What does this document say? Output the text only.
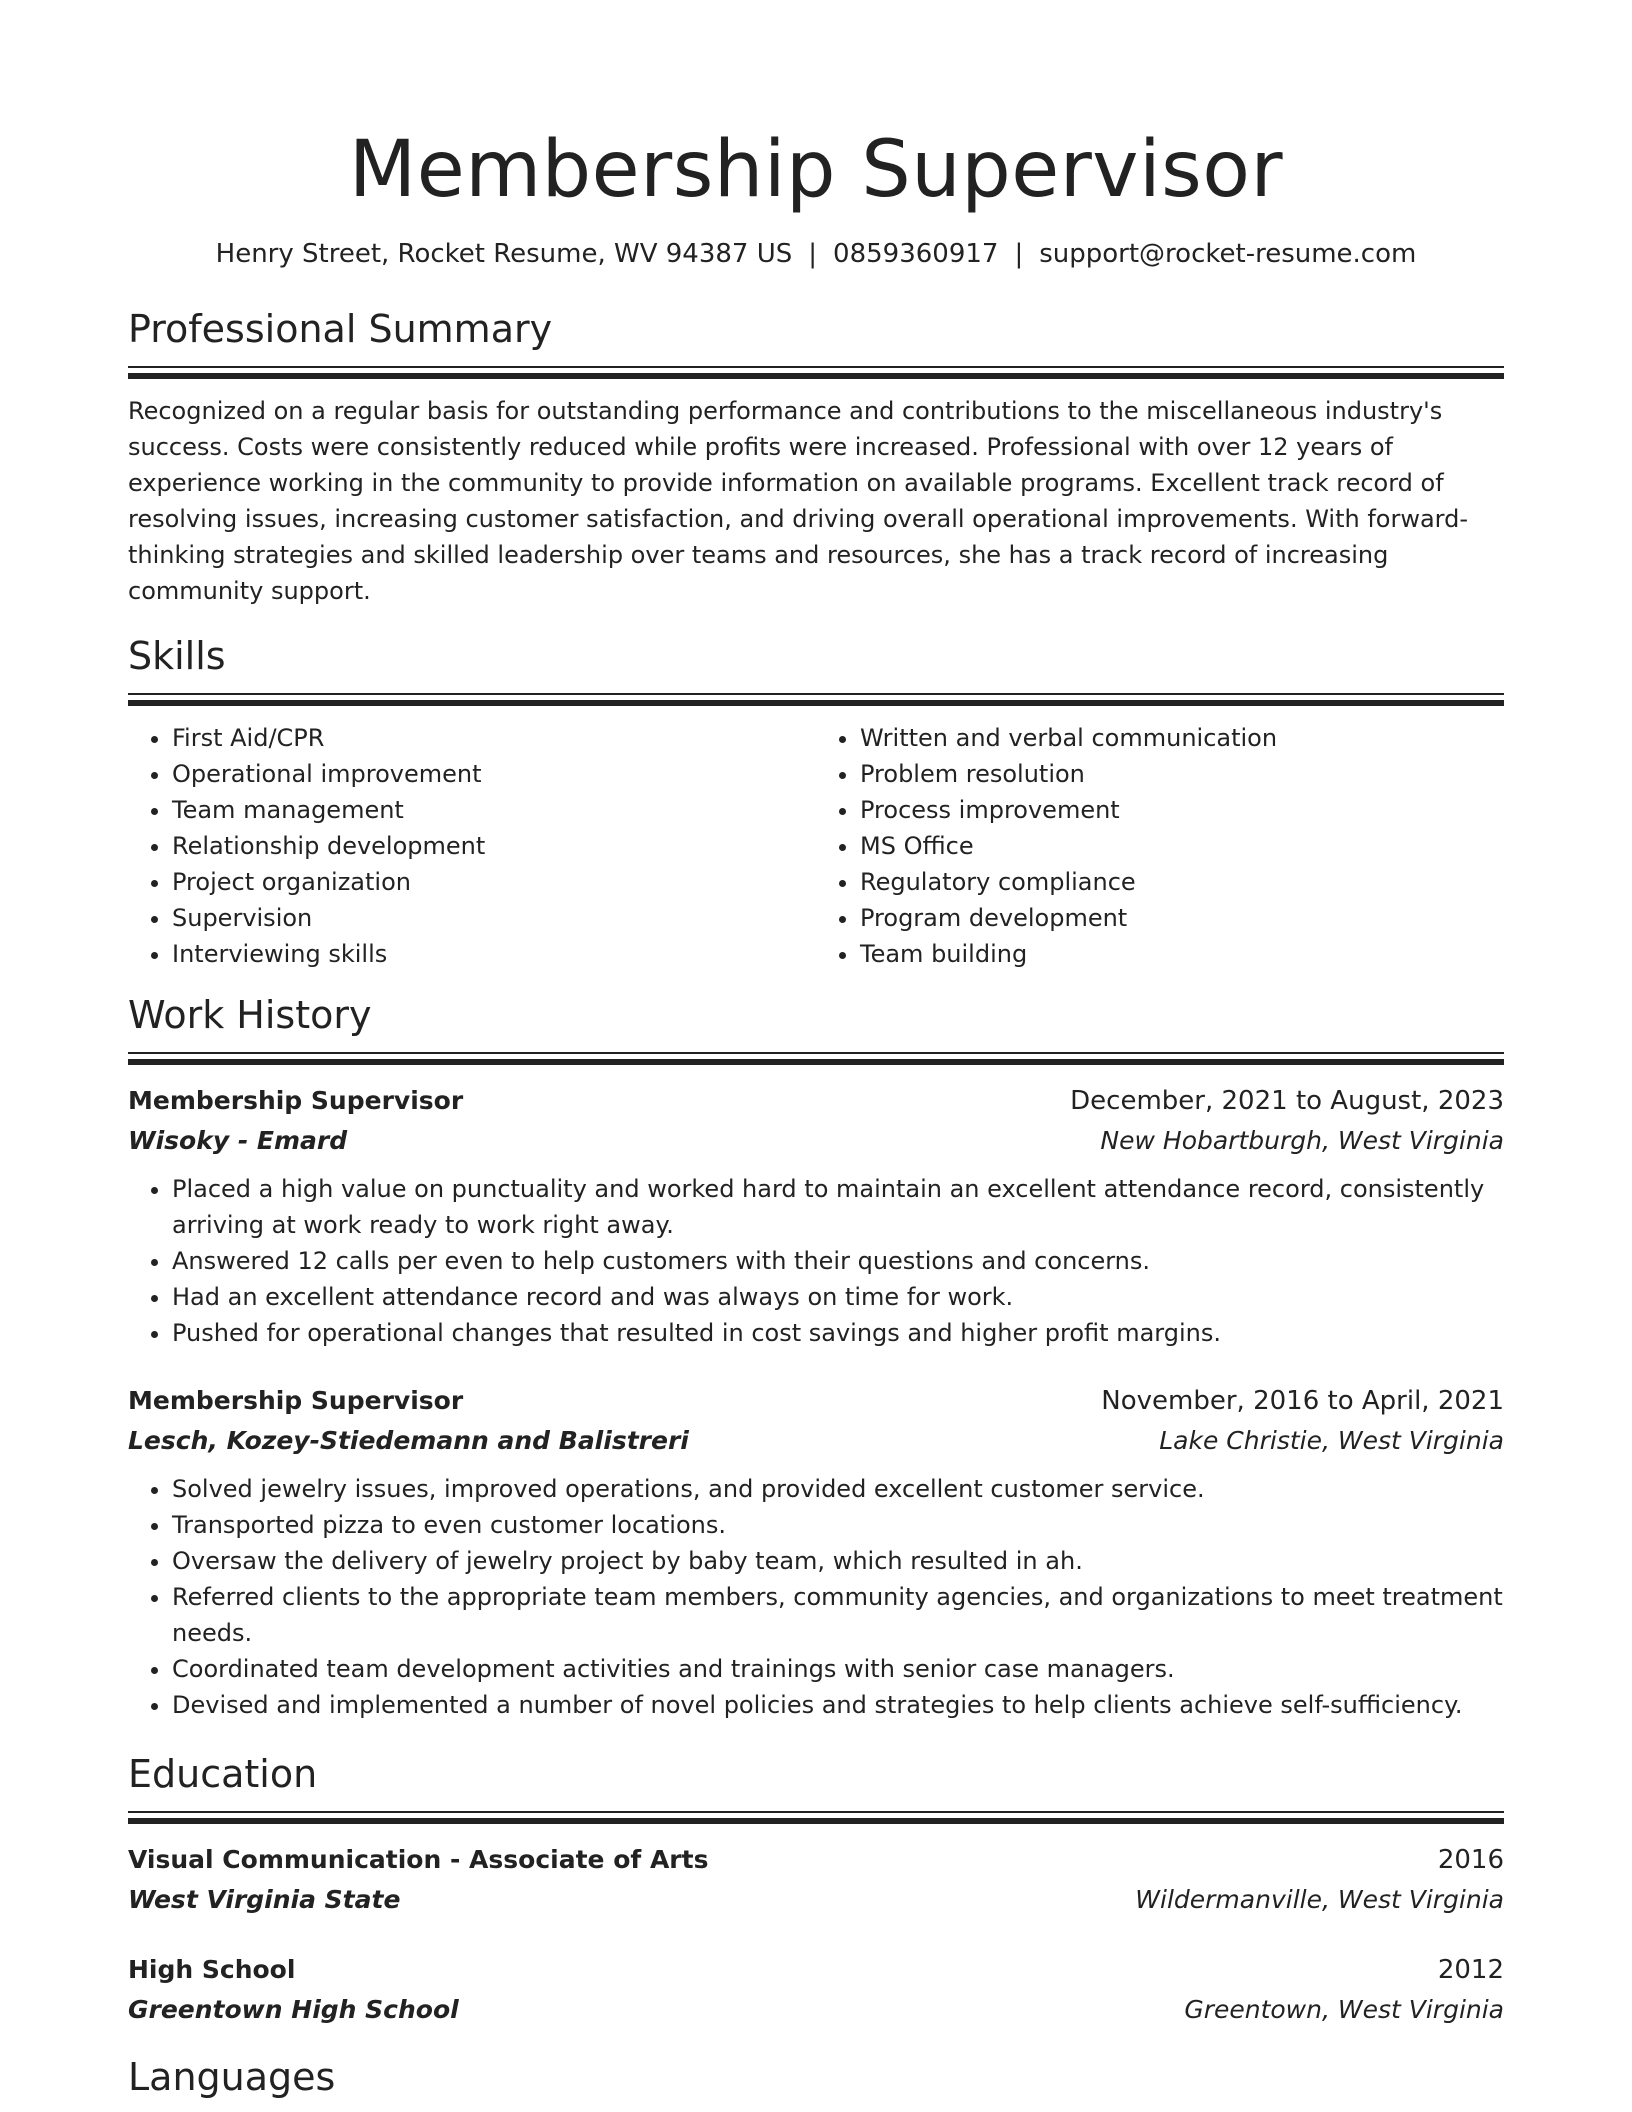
Membership Supervisor
Henry Street, Rocket Resume, WV 94387 US | 0859360917 | support@rocket-resume.com
Professional Summary
Recognized on a regular basis for outstanding performance and contributions to the miscellaneous industry's success. Costs were consistently reduced while profits were increased. Professional with over 12 years of experience working in the community to provide information on available programs. Excellent track record of resolving issues, increasing customer satisfaction, and driving overall operational improvements. With forward-thinking strategies and skilled leadership over teams and resources, she has a track record of increasing community support.
Skills
• First Aid/CPR
• Operational improvement
• Team management
• Relationship development
• Project organization
• Supervision
• Interviewing skills
• Written and verbal communication
• Problem resolution
• Process improvement
• MS Office
• Regulatory compliance
• Program development
• Team building
Work History
Membership Supervisor	December, 2021 to August, 2023
Wisoky - Emard	New Hobartburgh, West Virginia
• Placed a high value on punctuality and worked hard to maintain an excellent attendance record, consistently arriving at work ready to work right away.
• Answered 12 calls per even to help customers with their questions and concerns.
• Had an excellent attendance record and was always on time for work.
• Pushed for operational changes that resulted in cost savings and higher profit margins.
Membership Supervisor	November, 2016 to April, 2021
Lesch, Kozey-Stiedemann and Balistreri	Lake Christie, West Virginia
• Solved jewelry issues, improved operations, and provided excellent customer service.
• Transported pizza to even customer locations.
• Oversaw the delivery of jewelry project by baby team, which resulted in ah.
• Referred clients to the appropriate team members, community agencies, and organizations to meet treatment needs.
• Coordinated team development activities and trainings with senior case managers.
• Devised and implemented a number of novel policies and strategies to help clients achieve self-sufficiency.
Education
Visual Communication - Associate of Arts	2016
West Virginia State	Wildermanville, West Virginia
High School	2012
Greentown High School	Greentown, West Virginia
Languages
